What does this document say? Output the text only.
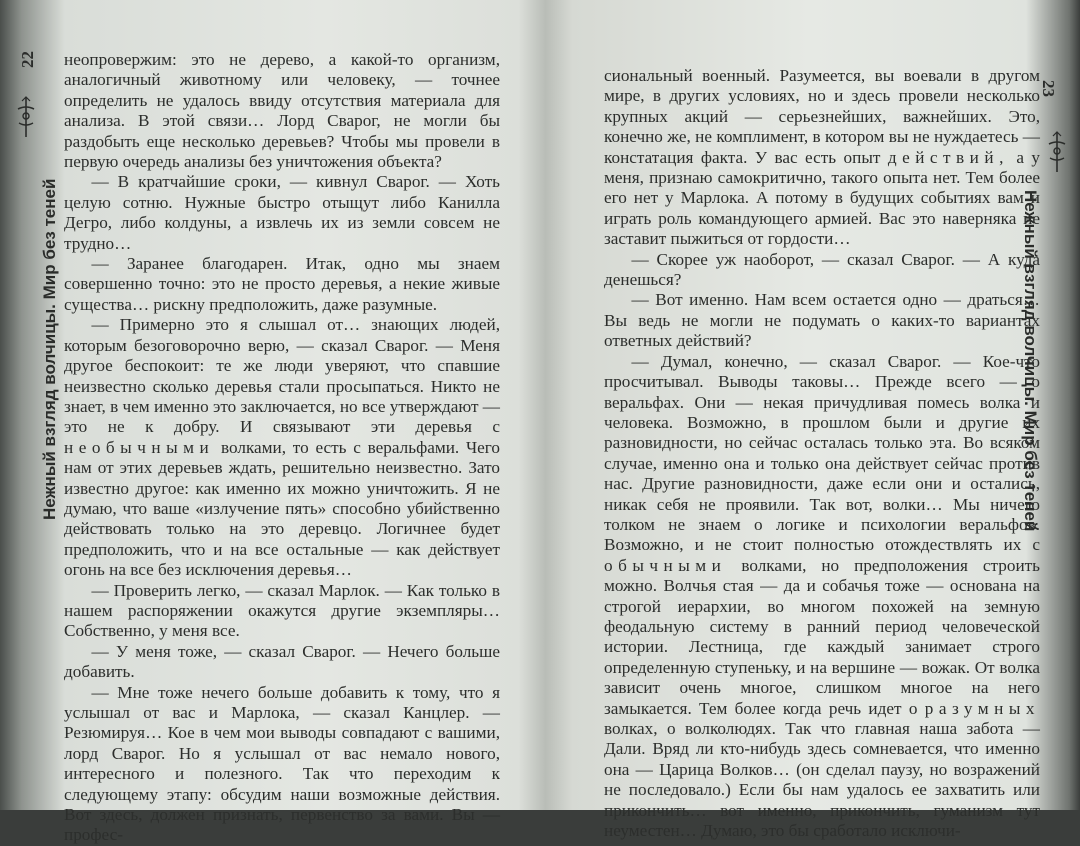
22
Нежный взгляд волчицы. Мир без теней

неопровержим: это не дерево, а какой-то организм, аналогичный животному или человеку, — точнее определить не удалось ввиду отсутствия материала для анализа. В этой связи… Лорд Сварог, не могли бы раздобыть еще несколько деревьев? Чтобы мы провели в первую очередь анализы без уничтожения объекта?

— В кратчайшие сроки, — кивнул Сварог. — Хоть целую сотню. Нужные быстро отыщут либо Канилла Дегро, либо колдуны, а извлечь их из земли совсем не трудно…

— Заранее благодарен. Итак, одно мы знаем совершенно точно: это не просто деревья, а некие живые существа… рискну предположить, даже разумные.

— Примерно это я слышал от… знающих людей, которым безоговорочно верю, — сказал Сварог. — Меня другое беспокоит: те же люди уверяют, что спавшие неизвестно сколько деревья стали просыпаться. Никто не знает, в чем именно это заключается, но все утверждают — это не к добру. И связывают эти деревья с необычными волками, то есть с веральфами. Чего нам от этих деревьев ждать, решительно неизвестно. Зато известно другое: как именно их можно уничтожить. Я не думаю, что ваше «излучение пять» способно убийственно действовать только на это деревцо. Логичнее будет предположить, что и на все остальные — как действует огонь на все без исключения деревья…

— Проверить легко, — сказал Марлок. — Как только в нашем распоряжении окажутся другие экземпляры… Собственно, у меня все.

— У меня тоже, — сказал Сварог. — Нечего больше добавить.

— Мне тоже нечего больше добавить к тому, что я услышал от вас и Марлока, — сказал Канцлер. — Резюмируя… Кое в чем мои выводы совпадают с вашими, лорд Сварог. Но я услышал от вас немало нового, интересного и полезного. Так что переходим к следующему этапу: обсудим наши возможные действия. Вот здесь, должен признать, первенство за вами. Вы — профес-

23
Нежный взгляд волчицы. Мир без теней

сиональный военный. Разумеется, вы воевали в другом мире, в других условиях, но и здесь провели несколько крупных акций — серьезнейших, важнейших. Это, конечно же, не комплимент, в котором вы не нуждаетесь — констатация факта. У вас есть опыт действий, а у меня, признаю самокритично, такого опыта нет. Тем более его нет у Марлока. А потому в будущих событиях вам и играть роль командующего армией. Вас это наверняка не заставит пыжиться от гордости…

— Скорее уж наоборот, — сказал Сварог. — А куда денешься?

— Вот именно. Нам всем остается одно — драться… Вы ведь не могли не подумать о каких-то вариантах ответных действий?

— Думал, конечно, — сказал Сварог. — Кое-что просчитывал. Выводы таковы… Прежде всего — о веральфах. Они — некая причудливая помесь волка и человека. Возможно, в прошлом были и другие их разновидности, но сейчас осталась только эта. Во всяком случае, именно она и только она действует сейчас против нас. Другие разновидности, даже если они и остались, никак себя не проявили. Так вот, волки… Мы ничего толком не знаем о логике и психологии веральфов. Возможно, и не стоит полностью отождествлять их с обычными волками, но предположения строить можно. Волчья стая — да и собачья тоже — основана на строгой иерархии, во многом похожей на земную феодальную систему в ранний период человеческой истории. Лестница, где каждый занимает строго определенную ступеньку, и на вершине — вожак. От волка зависит очень многое, слишком многое на него замыкается. Тем более когда речь идет о разумных волках, о волколюдях. Так что главная наша забота — Дали. Вряд ли кто-нибудь здесь сомневается, что именно она — Царица Волков… (он сделал паузу, но возражений не последовало.) Если бы нам удалось ее захватить или прикончить… вот именно, прикончить, гуманизм тут неуместен… Думаю, это бы сработало исключи-
